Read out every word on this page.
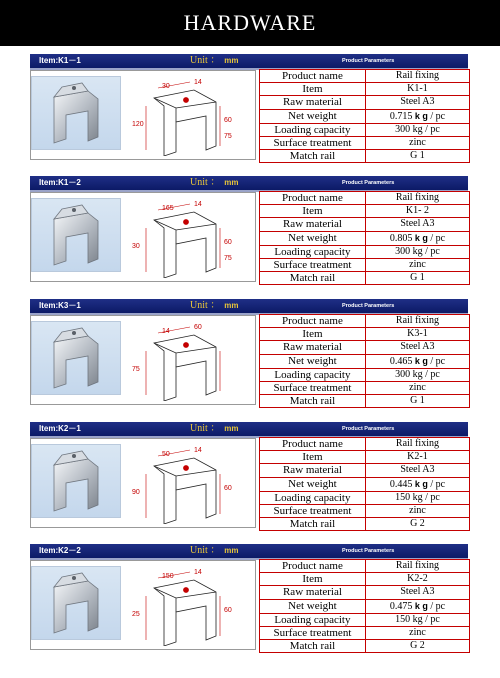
HARDWARE
Item:K1－1	Product Parameters
Unit ： mm
30
14
120
60
75
Product name	Rail fixing
Item	K1-1
Raw material	Steel A3
Net weight	0.715 k g / pc
Loading capacity	300 kg / pc
Surface treatment	zinc
Match rail	G 1
Item:K1－2	Product Parameters
Unit ： mm
165
14
30
60
75
Product name	Rail fixing
Item	K1- 2
Raw material	Steel A3
Net weight	0.805 k g / pc
Loading capacity	300 kg / pc
Surface treatment	zinc
Match rail	G 1
Item:K3－1	Product Parameters
Unit ： mm
14
60
75
Product name	Rail fixing
Item	K3-1
Raw material	Steel A3
Net weight	0.465 k g / pc
Loading capacity	300 kg / pc
Surface treatment	zinc
Match rail	G 1
Item:K2－1	Product Parameters
Unit ： mm
50
14
90
60
Product name	Rail fixing
Item	K2-1
Raw material	Steel A3
Net weight	0.445 k g / pc
Loading capacity	150 kg / pc
Surface treatment	zinc
Match rail	G 2
Item:K2－2	Product Parameters
Unit ： mm
150
14
25
60
Product name	Rail fixing
Item	K2-2
Raw material	Steel A3
Net weight	0.475 k g / pc
Loading capacity	150 kg / pc
Surface treatment	zinc
Match rail	G 2
